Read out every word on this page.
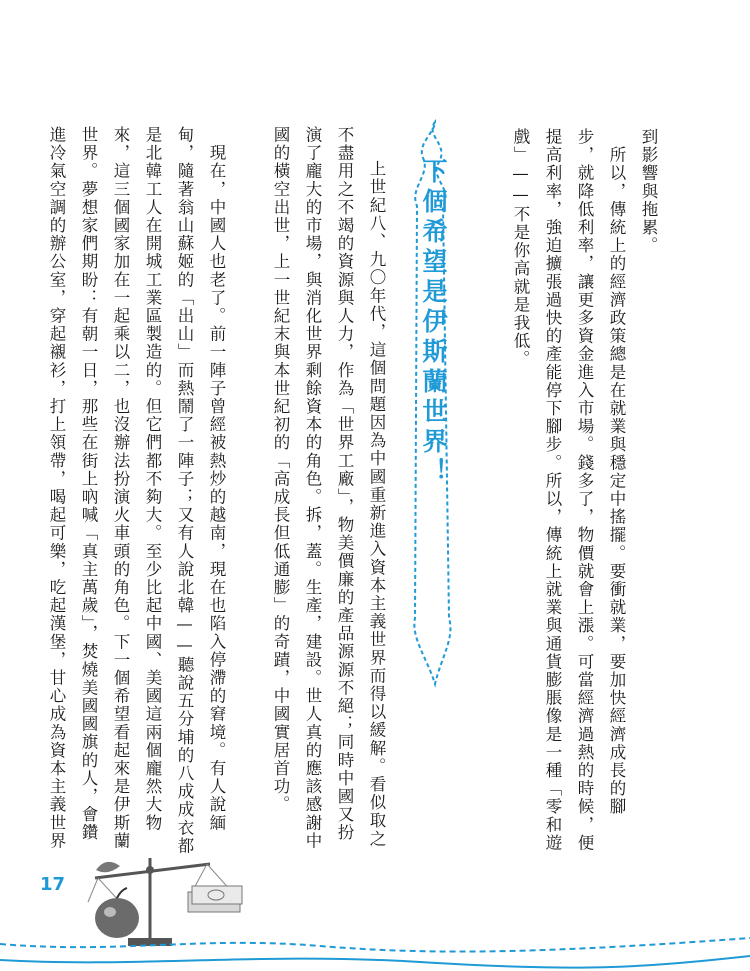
到影響與拖累。
　所以，傳統上的經濟政策總是在就業與穩定中搖擺。要衝就業，要加快經濟成長的腳
步，就降低利率，讓更多資金進入市場。錢多了，物價就會上漲。可當經濟過熱的時候，便
提高利率，強迫擴張過快的產能停下腳步。所以，傳統上就業與通貨膨脹像是一種「零和遊
戲」——不是你高就是我低。
下個希望是伊斯蘭世界！
　上世紀八、九〇年代，這個問題因為中國重新進入資本主義世界而得以緩解。看似取之
不盡用之不竭的資源與人力，作為「世界工廠」，物美價廉的產品源源不絕；同時中國又扮
演了龐大的市場，與消化世界剩餘資本的角色。拆，蓋。生產，建設。世人真的應該感謝中
國的橫空出世，上一世紀末與本世紀初的「高成長但低通膨」的奇蹟，中國實居首功。
　現在，中國人也老了。前一陣子曾經被熱炒的越南，現在也陷入停滯的窘境。有人說緬
甸，隨著翁山蘇姬的「出山」而熱鬧了一陣子；又有人說北韓——聽說五分埔的八成成衣都
是北韓工人在開城工業區製造的。但它們都不夠大。至少比起中國、美國這兩個龐然大物
來，這三個國家加在一起乘以二，也沒辦法扮演火車頭的角色。下一個希望看起來是伊斯蘭
世界。夢想家們期盼：有朝一日，那些在街上吶喊「真主萬歲」，焚燒美國國旗的人，會鑽
進冷氣空調的辦公室，穿起襯衫，打上領帶，喝起可樂，吃起漢堡，甘心成為資本主義世界
17
